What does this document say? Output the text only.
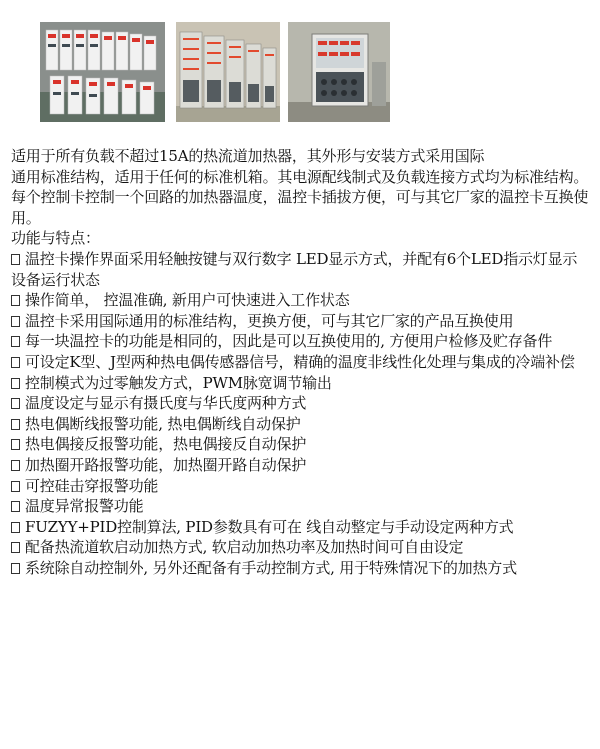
适用于所有负载不超过15A的热流道加热器，其外形与安装方式采用国际

通用标准结构，适用于任何的标准机箱。其电源配线制式及负载连接方式均为标准结构。每个控制卡控制一个回路的加热器温度，温控卡插拔方便，可与其它厂家的温控卡互换使用。

功能与特点：

温控卡操作界面采用轻触按键与双行数字 LED显示方式，并配有6个LED指示灯显示设备运行状态

操作简单， 控温准确, 新用户可快速进入工作状态

温控卡采用国际通用的标准结构，更换方便，可与其它厂家的产品互换使用

每一块温控卡的功能是相同的，因此是可以互换使用的, 方便用户检修及贮存备件

可设定K型、J型两种热电偶传感器信号，精确的温度非线性化处理与集成的冷端补偿

控制模式为过零触发方式，PWM脉宽调节输出

温度设定与显示有摄氏度与华氏度两种方式

热电偶断线报警功能, 热电偶断线自动保护

热电偶接反报警功能，热电偶接反自动保护

加热圈开路报警功能，加热圈开路自动保护

可控硅击穿报警功能

温度异常报警功能

FUZYY+PID控制算法, PID参数具有可在 线自动整定与手动设定两种方式

配备热流道软启动加热方式, 软启动加热功率及加热时间可自由设定

系统除自动控制外, 另外还配备有手动控制方式, 用于特殊情况下的加热方式
